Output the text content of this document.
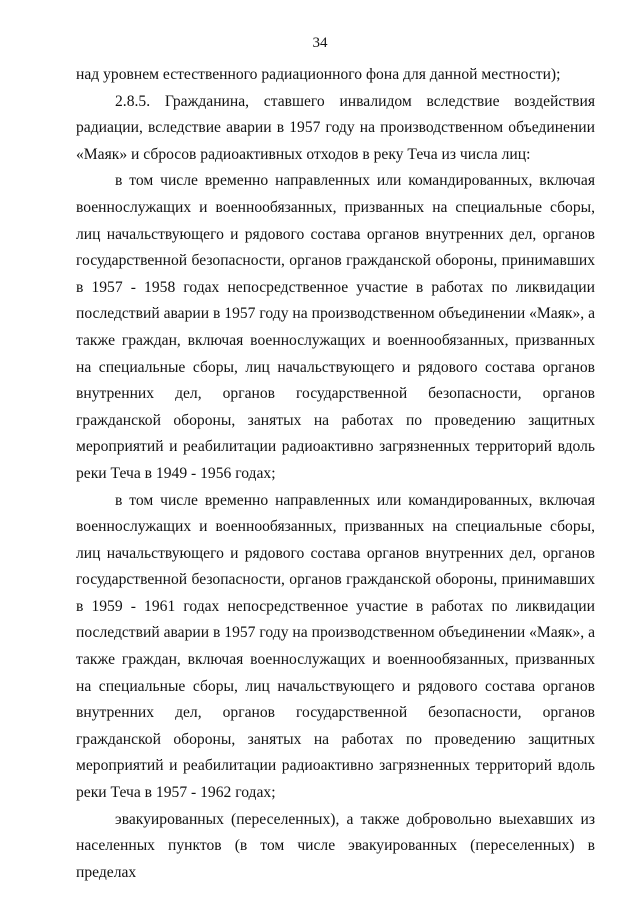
34

над уровнем естественного радиационного фона для данной местности);

2.8.5. Гражданина, ставшего инвалидом вследствие воздействия радиации, вследствие аварии в 1957 году на производственном объединении «Маяк» и сбросов радиоактивных отходов в реку Теча из числа лиц:

в том числе временно направленных или командированных, включая военнослужащих и военнообязанных, призванных на специальные сборы, лиц начальствующего и рядового состава органов внутренних дел, органов государственной безопасности, органов гражданской обороны, принимавших в 1957 - 1958 годах непосредственное участие в работах по ликвидации последствий аварии в 1957 году на производственном объединении «Маяк», а также граждан, включая военнослужащих и военнообязанных, призванных на специальные сборы, лиц начальствующего и рядового состава органов внутренних дел, органов государственной безопасности, органов гражданской обороны, занятых на работах по проведению защитных мероприятий и реабилитации радиоактивно загрязненных территорий вдоль реки Теча в 1949 - 1956 годах;

в том числе временно направленных или командированных, включая военнослужащих и военнообязанных, призванных на специальные сборы, лиц начальствующего и рядового состава органов внутренних дел, органов государственной безопасности, органов гражданской обороны, принимавших в 1959 - 1961 годах непосредственное участие в работах по ликвидации последствий аварии в 1957 году на производственном объединении «Маяк», а также граждан, включая военнослужащих и военнообязанных, призванных на специальные сборы, лиц начальствующего и рядового состава органов внутренних дел, органов государственной безопасности, органов гражданской обороны, занятых на работах по проведению защитных мероприятий и реабилитации радиоактивно загрязненных территорий вдоль реки Теча в 1957 - 1962 годах;

эвакуированных (переселенных), а также добровольно выехавших из населенных пунктов (в том числе эвакуированных (переселенных) в пределах
